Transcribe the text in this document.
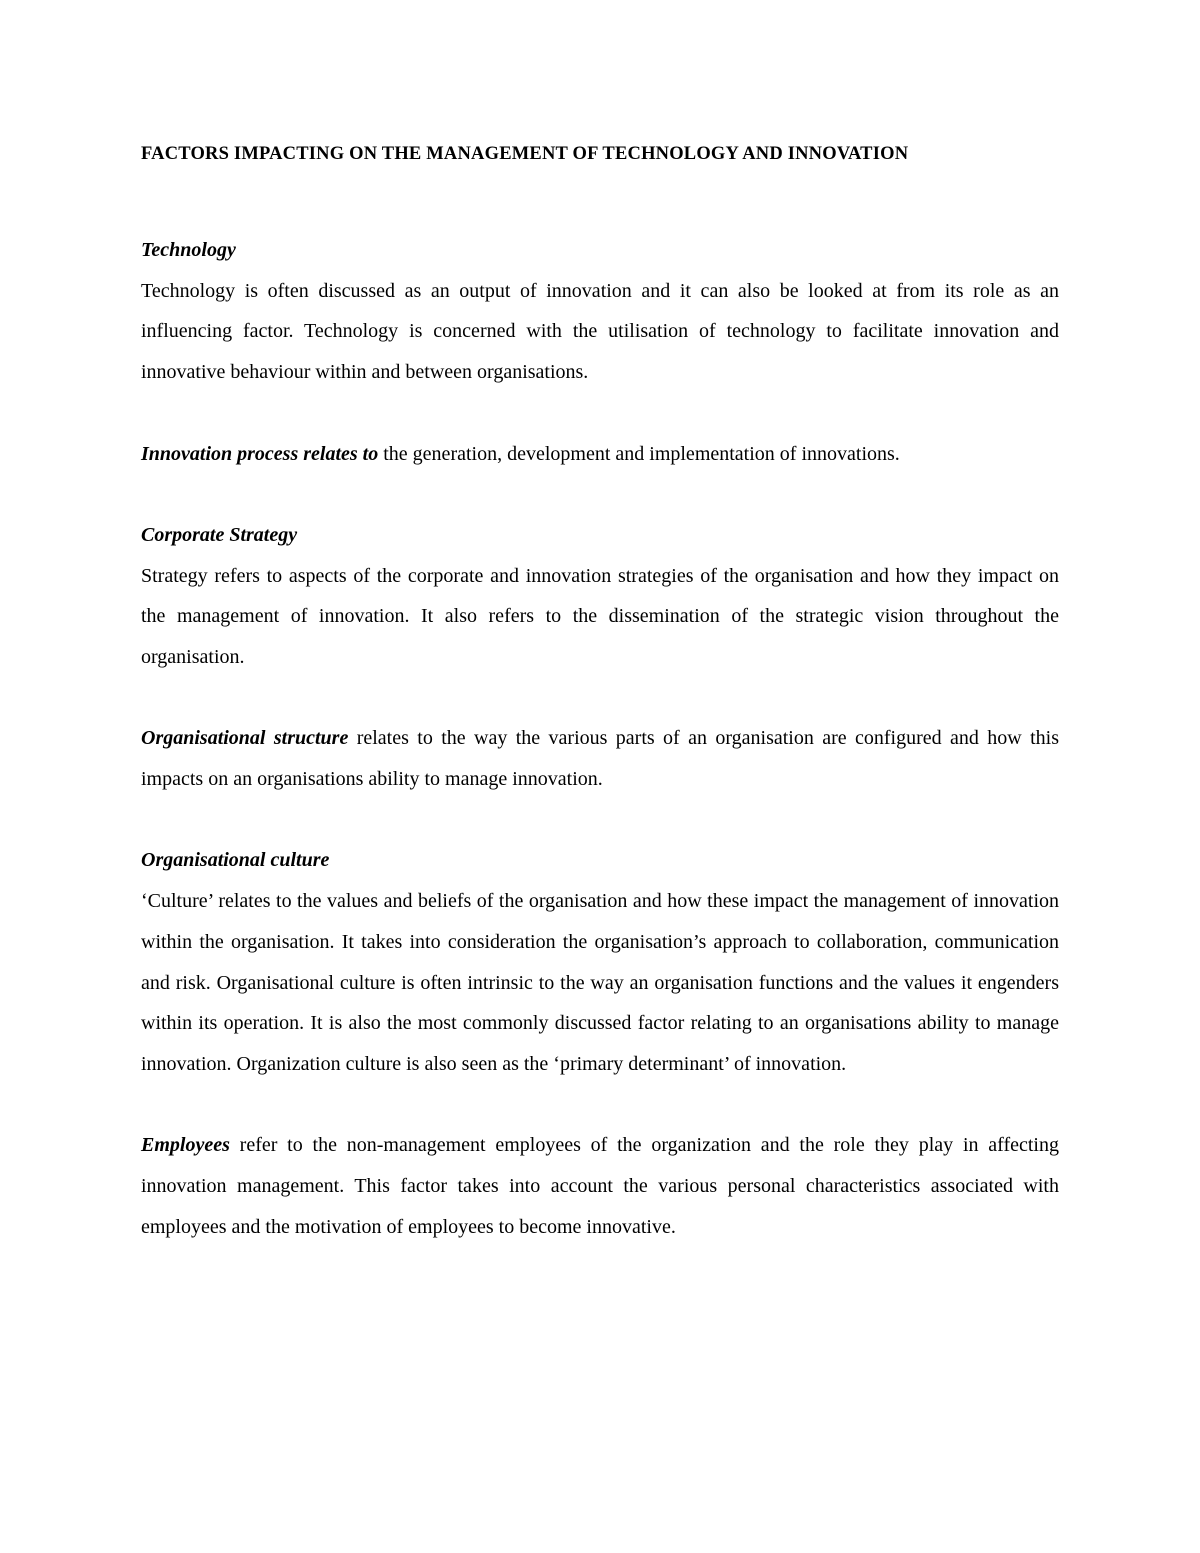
FACTORS IMPACTING ON THE MANAGEMENT OF TECHNOLOGY AND INNOVATION

Technology

Technology is often discussed as an output of innovation and it can also be looked at from its role as an influencing factor. Technology is concerned with the utilisation of technology to facilitate innovation and innovative behaviour within and between organisations.

Innovation process relates to the generation, development and implementation of innovations.

Corporate Strategy

Strategy refers to aspects of the corporate and innovation strategies of the organisation and how they impact on the management of innovation. It also refers to the dissemination of the strategic vision throughout the organisation.

Organisational structure relates to the way the various parts of an organisation are configured and how this impacts on an organisations ability to manage innovation.

Organisational culture

‘Culture’ relates to the values and beliefs of the organisation and how these impact the management of innovation within the organisation. It takes into consideration the organisation’s approach to collaboration, communication and risk. Organisational culture is often intrinsic to the way an organisation functions and the values it engenders within its operation. It is also the most commonly discussed factor relating to an organisations ability to manage innovation. Organization culture is also seen as the ‘primary determinant’ of innovation.

Employees refer to the non-management employees of the organization and the role they play in affecting innovation management. This factor takes into account the various personal characteristics associated with employees and the motivation of employees to become innovative.
